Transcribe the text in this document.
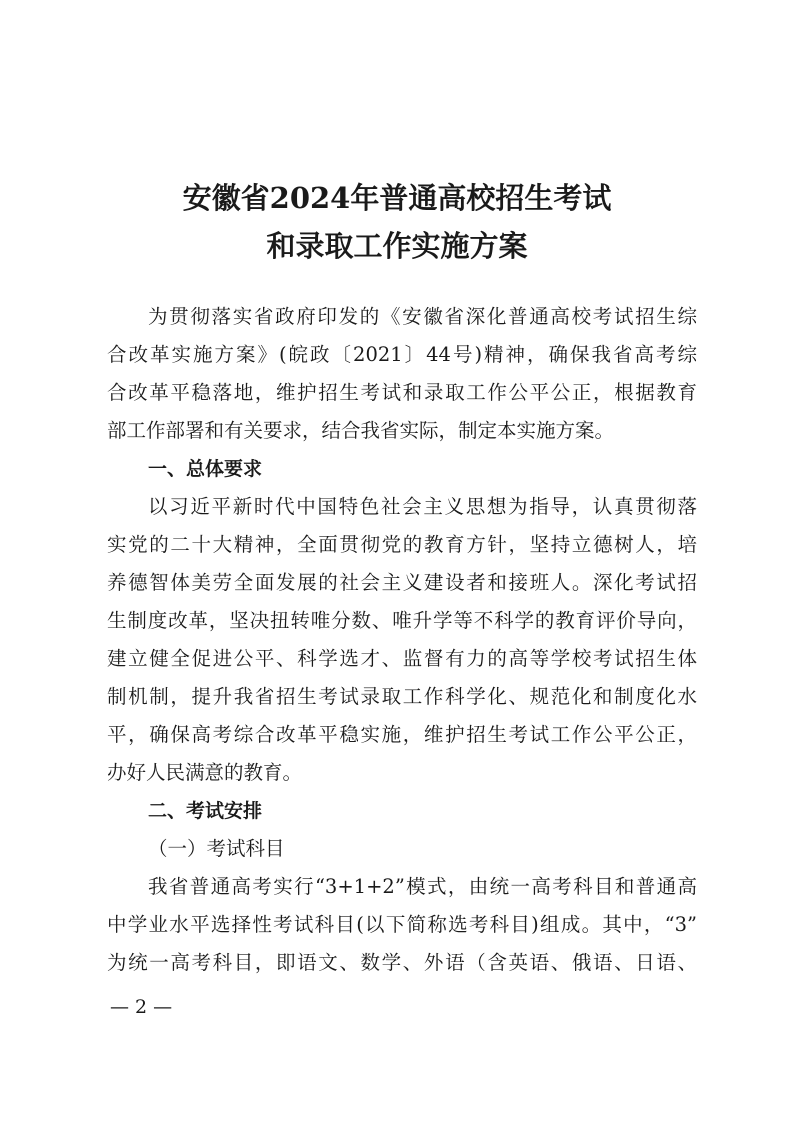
安徽省2024年普通高校招生考试
和录取工作实施方案
为贯彻落实省政府印发的《安徽省深化普通高校考试招生综
合改革实施方案》(皖政〔2021〕44号)精神，确保我省高考综
合改革平稳落地，维护招生考试和录取工作公平公正，根据教育
部工作部署和有关要求，结合我省实际，制定本实施方案。
一、总体要求
以习近平新时代中国特色社会主义思想为指导，认真贯彻落
实党的二十大精神，全面贯彻党的教育方针，坚持立德树人，培
养德智体美劳全面发展的社会主义建设者和接班人。深化考试招
生制度改革，坚决扭转唯分数、唯升学等不科学的教育评价导向，
建立健全促进公平、科学选才、监督有力的高等学校考试招生体
制机制，提升我省招生考试录取工作科学化、规范化和制度化水
平，确保高考综合改革平稳实施，维护招生考试工作公平公正，
办好人民满意的教育。
二、考试安排
（一）考试科目
我省普通高考实行“3+1+2”模式，由统一高考科目和普通高
中学业水平选择性考试科目(以下简称选考科目)组成。其中，“3”
为统一高考科目，即语文、数学、外语（含英语、俄语、日语、
— 2 —
